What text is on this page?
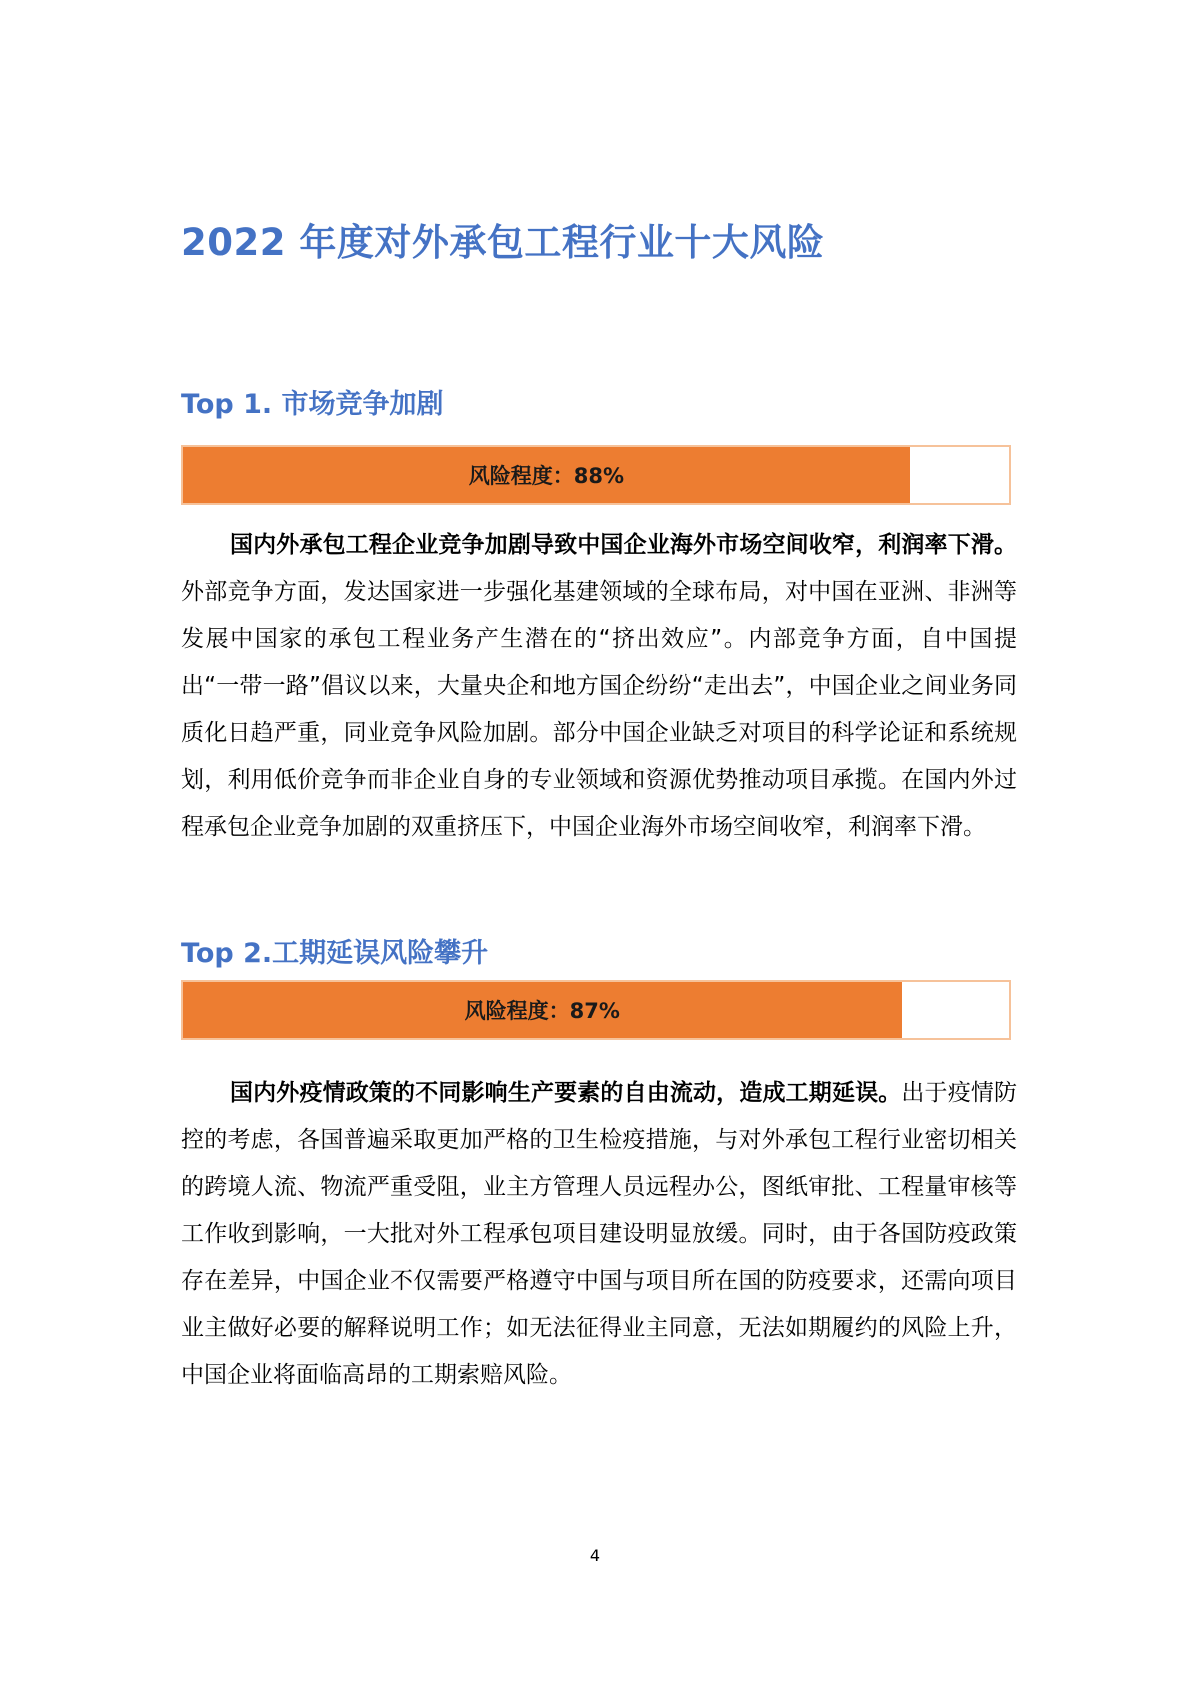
2022 年度对外承包工程行业十大风险
Top 1. 市场竞争加剧
风险程度：88%

国内外承包工程企业竞争加剧导致中国企业海外市场空间收窄，利润率下滑。外部竞争方面，发达国家进一步强化基建领域的全球布局，对中国在亚洲、非洲等发展中国家的承包工程业务产生潜在的“挤出效应”。内部竞争方面，自中国提出“一带一路”倡议以来，大量央企和地方国企纷纷“走出去”，中国企业之间业务同质化日趋严重，同业竞争风险加剧。部分中国企业缺乏对项目的科学论证和系统规划，利用低价竞争而非企业自身的专业领域和资源优势推动项目承揽。在国内外过程承包企业竞争加剧的双重挤压下，中国企业海外市场空间收窄，利润率下滑。

Top 2.工期延误风险攀升
风险程度：87%

国内外疫情政策的不同影响生产要素的自由流动，造成工期延误。出于疫情防控的考虑，各国普遍采取更加严格的卫生检疫措施，与对外承包工程行业密切相关的跨境人流、物流严重受阻，业主方管理人员远程办公，图纸审批、工程量审核等工作收到影响，一大批对外工程承包项目建设明显放缓。同时，由于各国防疫政策存在差异，中国企业不仅需要严格遵守中国与项目所在国的防疫要求，还需向项目业主做好必要的解释说明工作；如无法征得业主同意，无法如期履约的风险上升，中国企业将面临高昂的工期索赔风险。

4
